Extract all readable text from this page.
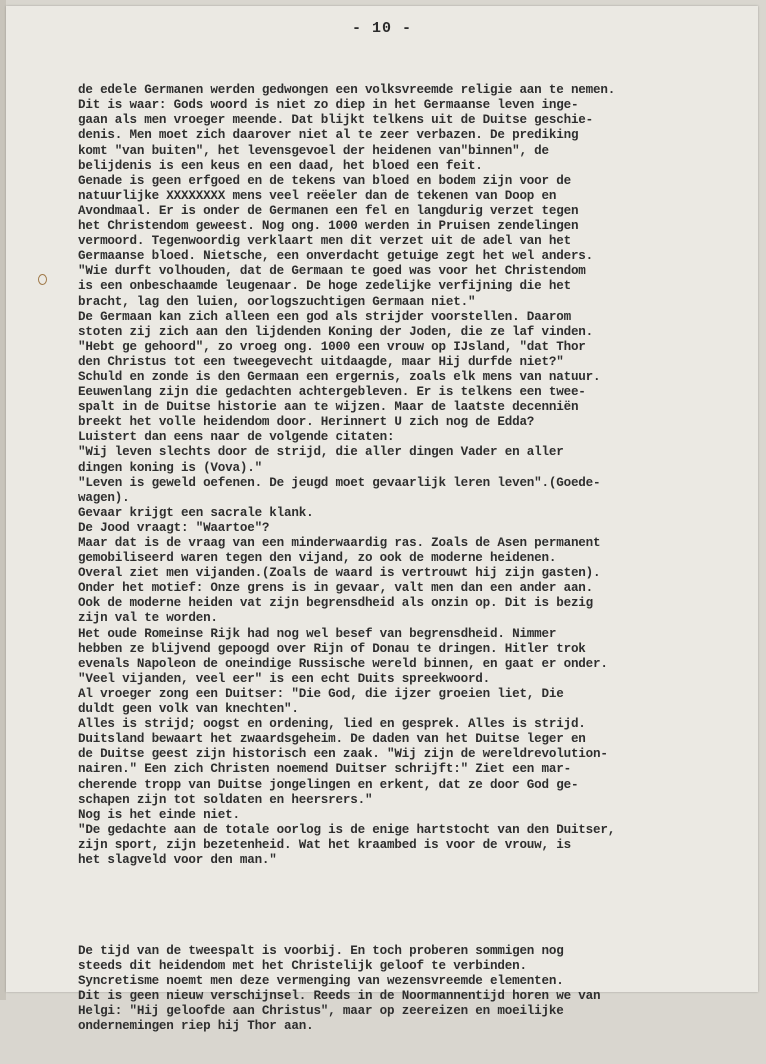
- 10 -

de edele Germanen werden gedwongen een volksvreemde religie aan te nemen.
Dit is waar: Gods woord is niet zo diep in het Germaanse leven inge-
gaan als men vroeger meende. Dat blijkt telkens uit de Duitse geschie-
denis. Men moet zich daarover niet al te zeer verbazen. De prediking
komt "van buiten", het levensgevoel der heidenen van"binnen", de
belijdenis is een keus en een daad, het bloed een feit.
Genade is geen erfgoed en de tekens van bloed en bodem zijn voor de
natuurlijke XXXXXXXX mens veel reëeler dan de tekenen van Doop en
Avondmaal. Er is onder de Germanen een fel en langdurig verzet tegen
het Christendom geweest. Nog ong. 1000 werden in Pruisen zendelingen
vermoord. Tegenwoordig verklaart men dit verzet uit de adel van het
Germaanse bloed. Nietsche, een onverdacht getuige zegt het wel anders.
"Wie durft volhouden, dat de Germaan te goed was voor het Christendom
is een onbeschaamde leugenaar. De hoge zedelijke verfijning die het
bracht, lag den luien, oorlogszuchtigen Germaan niet."
De Germaan kan zich alleen een god als strijder voorstellen. Daarom
stoten zij zich aan den lijdenden Koning der Joden, die ze laf vinden.
"Hebt ge gehoord", zo vroeg ong. 1000 een vrouw op IJsland, "dat Thor
den Christus tot een tweegevecht uitdaagde, maar Hij durfde niet?"
Schuld en zonde is den Germaan een ergernis, zoals elk mens van natuur.
Eeuwenlang zijn die gedachten achtergebleven. Er is telkens een twee-
spalt in de Duitse historie aan te wijzen. Maar de laatste decenniën
breekt het volle heidendom door. Herinnert U zich nog de Edda?
Luistert dan eens naar de volgende citaten:
"Wij leven slechts door de strijd, die aller dingen Vader en aller
dingen koning is (Vova)."
"Leven is geweld oefenen. De jeugd moet gevaarlijk leren leven".(Goede-
wagen).
Gevaar krijgt een sacrale klank.
De Jood vraagt: "Waartoe"?
Maar dat is de vraag van een minderwaardig ras. Zoals de Asen permanent
gemobiliseerd waren tegen den vijand, zo ook de moderne heidenen.
Overal ziet men vijanden.(Zoals de waard is vertrouwt hij zijn gasten).
Onder het motief: Onze grens is in gevaar, valt men dan een ander aan.
Ook de moderne heiden vat zijn begrensdheid als onzin op. Dit is bezig
zijn val te worden.
Het oude Romeinse Rijk had nog wel besef van begrensdheid. Nimmer
hebben ze blijvend gepoogd over Rijn of Donau te dringen. Hitler trok
evenals Napoleon de oneindige Russische wereld binnen, en gaat er onder.
"Veel vijanden, veel eer" is een echt Duits spreekwoord.
Al vroeger zong een Duitser: "Die God, die ijzer groeien liet, Die
duldt geen volk van knechten".
Alles is strijd; oogst en ordening, lied en gesprek. Alles is strijd.
Duitsland bewaart het zwaardsgeheim. De daden van het Duitse leger en
de Duitse geest zijn historisch een zaak. "Wij zijn de wereldrevolution-
nairen." Een zich Christen noemend Duitser schrijft:" Ziet een mar-
cherende tropp van Duitse jongelingen en erkent, dat ze door God ge-
schapen zijn tot soldaten en heersrers."
Nog is het einde niet.
"De gedachte aan de totale oorlog is de enige hartstocht van den Duitser,
zijn sport, zijn bezetenheid. Wat het kraambed is voor de vrouw, is
het slagveld voor den man."

De tijd van de tweespalt is voorbij. En toch proberen sommigen nog
steeds dit heidendom met het Christelijk geloof te verbinden.
Syncretisme noemt men deze vermenging van wezensvreemde elementen.
Dit is geen nieuw verschijnsel. Reeds in de Noormannentijd horen we van
Helgi: "Hij geloofde aan Christus", maar op zeereizen en moeilijke
ondernemingen riep hij Thor aan.
